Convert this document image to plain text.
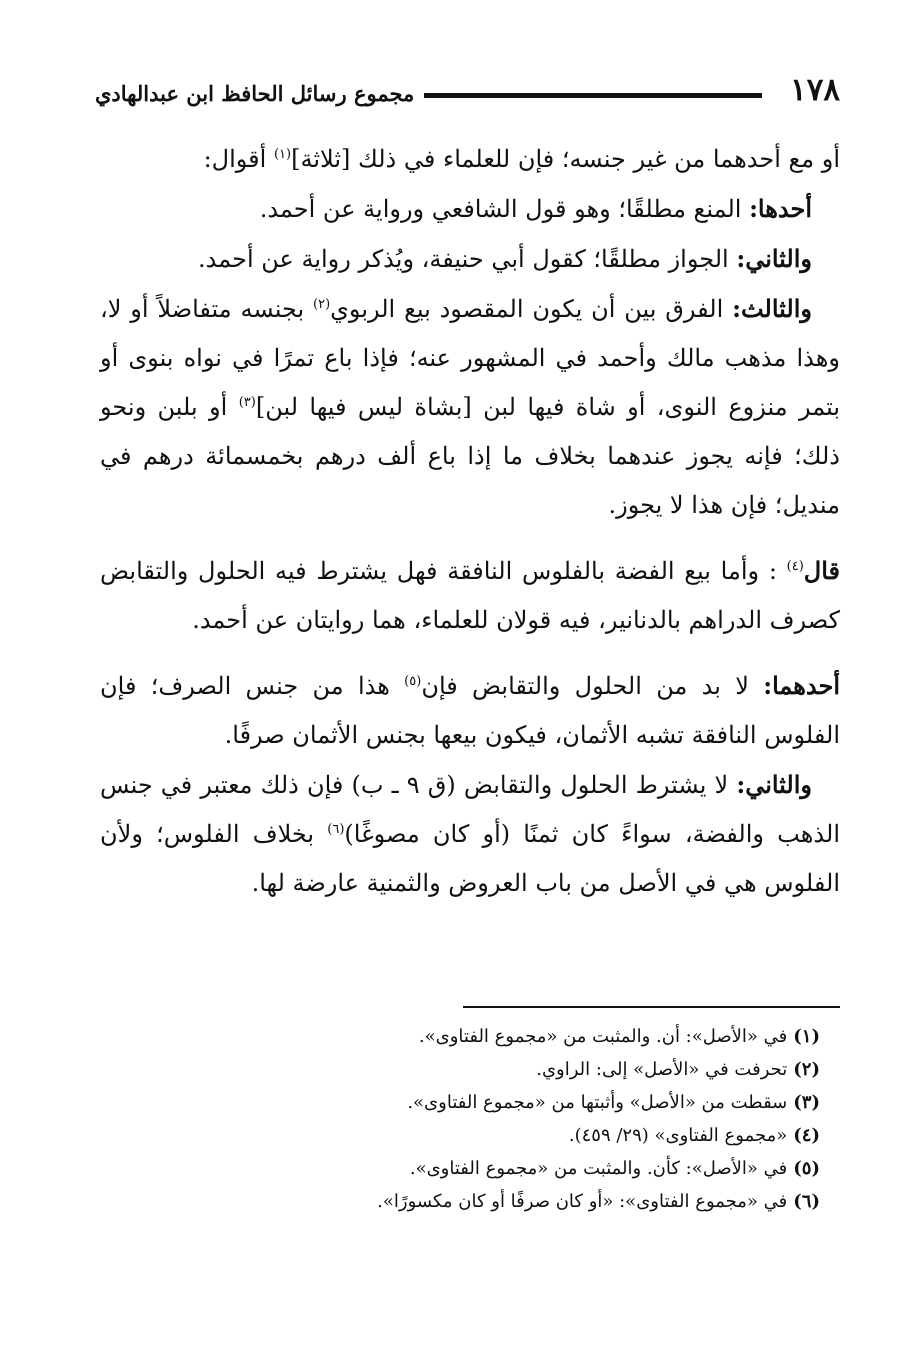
١٧٨
مجموع رسائل الحافظ ابن عبدالهادي

أو مع أحدهما من غير جنسه؛ فإن للعلماء في ذلك [ثلاثة]$^{(١)}$ أقوال:

أحدها: المنع مطلقًا؛ وهو قول الشافعي ورواية عن أحمد.

والثاني: الجواز مطلقًا؛ كقول أبي حنيفة، ويُذكر رواية عن أحمد.

والثالث: الفرق بين أن يكون المقصود بيع الربوي$^{(٢)}$ بجنسه متفاضلاً أو لا، وهذا مذهب مالك وأحمد في المشهور عنه؛ فإذا باع تمرًا في نواه بنوى أو بتمر منزوع النوى، أو شاة فيها لبن [بشاة ليس فيها لبن]$^{(٣)}$ أو بلبن ونحو ذلك؛ فإنه يجوز عندهما بخلاف ما إذا باع ألف درهم بخمسمائة درهم في منديل؛ فإن هذا لا يجوز.

قال$^{(٤)}$ : وأما بيع الفضة بالفلوس النافقة فهل يشترط فيه الحلول والتقابض كصرف الدراهم بالدنانير، فيه قولان للعلماء، هما روايتان عن أحمد.

أحدهما: لا بد من الحلول والتقابض فإن$^{(٥)}$ هذا من جنس الصرف؛ فإن الفلوس النافقة تشبه الأثمان، فيكون بيعها بجنس الأثمان صرفًا.

والثاني: لا يشترط الحلول والتقابض (ق ٩ ـ ب) فإن ذلك معتبر في جنس الذهب والفضة، سواءً كان ثمنًا (أو كان مصوغًا)$^{(٦)}$ بخلاف الفلوس؛ ولأن الفلوس هي في الأصل من باب العروض والثمنية عارضة لها.

(١)في «الأصل»: أن. والمثبت من «مجموع الفتاوى».
(٢)تحرفت في «الأصل» إلى: الراوي.
(٣)سقطت من «الأصل» وأثبتها من «مجموع الفتاوى».
(٤)«مجموع الفتاوى» (٢٩/ ٤٥٩).
(٥)في «الأصل»: كأن. والمثبت من «مجموع الفتاوى».
(٦)في «مجموع الفتاوى»: «أو كان صرفًا أو كان مكسورًا».
